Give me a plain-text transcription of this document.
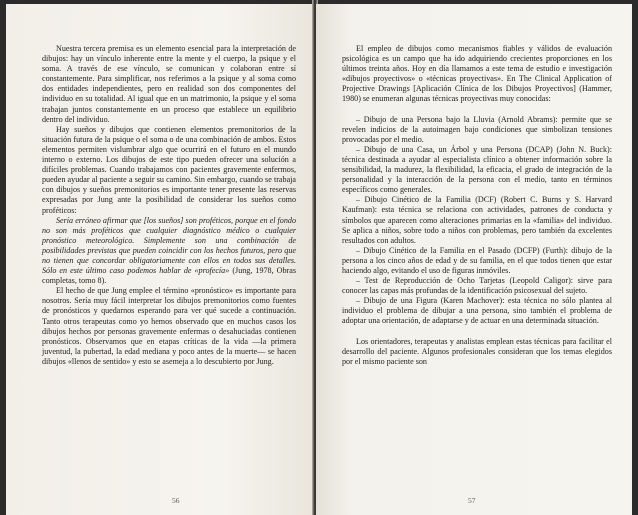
Nuestra tercera premisa es un elemento esencial para la interpretación de dibujos: hay un vínculo inherente entre la mente y el cuerpo, la psique y el soma. A través de ese vínculo, se comunican y colaboran entre sí constantemente. Para simplificar, nos referimos a la psique y al soma como dos entidades independientes, pero en realidad son dos componentes del individuo en su totalidad. Al igual que en un matrimonio, la psique y el soma trabajan juntos constantemente en un proceso que establece un equilibrio dentro del individuo.

Hay sueños y dibujos que contienen elementos premonitorios de la situación futura de la psique o el soma o de una combinación de ambos. Estos elementos permiten vislumbrar algo que ocurrirá en el futuro en el mundo interno o externo. Los dibujos de este tipo pueden ofrecer una solución a difíciles problemas. Cuando trabajamos con pacientes gravemente enfermos, pueden ayudar al paciente a seguir su camino. Sin embargo, cuando se trabaja con dibujos y sueños premonitorios es importante tener presente las reservas expresadas por Jung ante la posibilidad de considerar los sueños como proféticos:

Sería erróneo afirmar que [los sueños] son proféticos, porque en el fondo no son más proféticos que cualquier diagnóstico médico o cualquier pronóstico meteorológico. Simplemente son una combinación de posibilidades previstas que pueden coincidir con los hechos futuros, pero que no tienen que concordar obligatoriamente con ellos en todos sus detalles. Sólo en este último caso podemos hablar de «profecía» (Jung, 1978, Obras completas, tomo 8).

El hecho de que Jung emplee el término «pronóstico» es importante para nosotros. Sería muy fácil interpretar los dibujos premonitorios como fuentes de pronósticos y quedarnos esperando para ver qué sucede a continuación. Tanto otros terapeutas como yo hemos observado que en muchos casos los dibujos hechos por personas gravemente enfermas o desahuciadas contienen pronósticos. Observamos que en etapas críticas de la vida —la primera juventud, la pubertad, la edad mediana y poco antes de la muerte— se hacen dibujos «llenos de sentido» y esto se asemeja a lo descubierto por Jung.

56

El empleo de dibujos como mecanismos fiables y válidos de evaluación psicológica es un campo que ha ido adquiriendo crecientes proporciones en los últimos treinta años. Hoy en día llamamos a este tema de estudio e investigación «dibujos proyectivos» o «técnicas proyectivas». En The Clinical Application of Projective Drawings [Aplicación Clínica de los Dibujos Proyectivos] (Hammer, 1980) se enumeran algunas técnicas proyectivas muy conocidas:

– Dibujo de una Persona bajo la Lluvia (Arnold Abrams): permite que se revelen indicios de la autoimagen bajo condiciones que simbolizan tensiones provocadas por el medio.

– Dibujo de una Casa, un Árbol y una Persona (DCAP) (John N. Buck): técnica destinada a ayudar al especialista clínico a obtener información sobre la sensibilidad, la madurez, la flexibilidad, la eficacia, el grado de integración de la personalidad y la interacción de la persona con el medio, tanto en términos específicos como generales.

– Dibujo Cinético de la Familia (DCF) (Robert C. Burns y S. Harvard Kaufman): esta técnica se relaciona con actividades, patrones de conducta y símbolos que aparecen como alteraciones primarias en la «familia» del individuo. Se aplica a niños, sobre todo a niños con problemas, pero también da excelentes resultados con adultos.

– Dibujo Cinético de la Familia en el Pasado (DCFP) (Furth): dibujo de la persona a los cinco años de edad y de su familia, en el que todos tienen que estar haciendo algo, evitando el uso de figuras inmóviles.

– Test de Reproducción de Ocho Tarjetas (Leopold Caligor): sirve para conocer las capas más profundas de la identificación psicosexual del sujeto.

– Dibujo de una Figura (Karen Machover): esta técnica no sólo plantea al individuo el problema de dibujar a una persona, sino también el problema de adoptar una orientación, de adaptarse y de actuar en una determinada situación.

Los orientadores, terapeutas y analistas emplean estas técnicas para facilitar el desarrollo del paciente. Algunos profesionales consideran que los temas elegidos por el mismo paciente son

57
